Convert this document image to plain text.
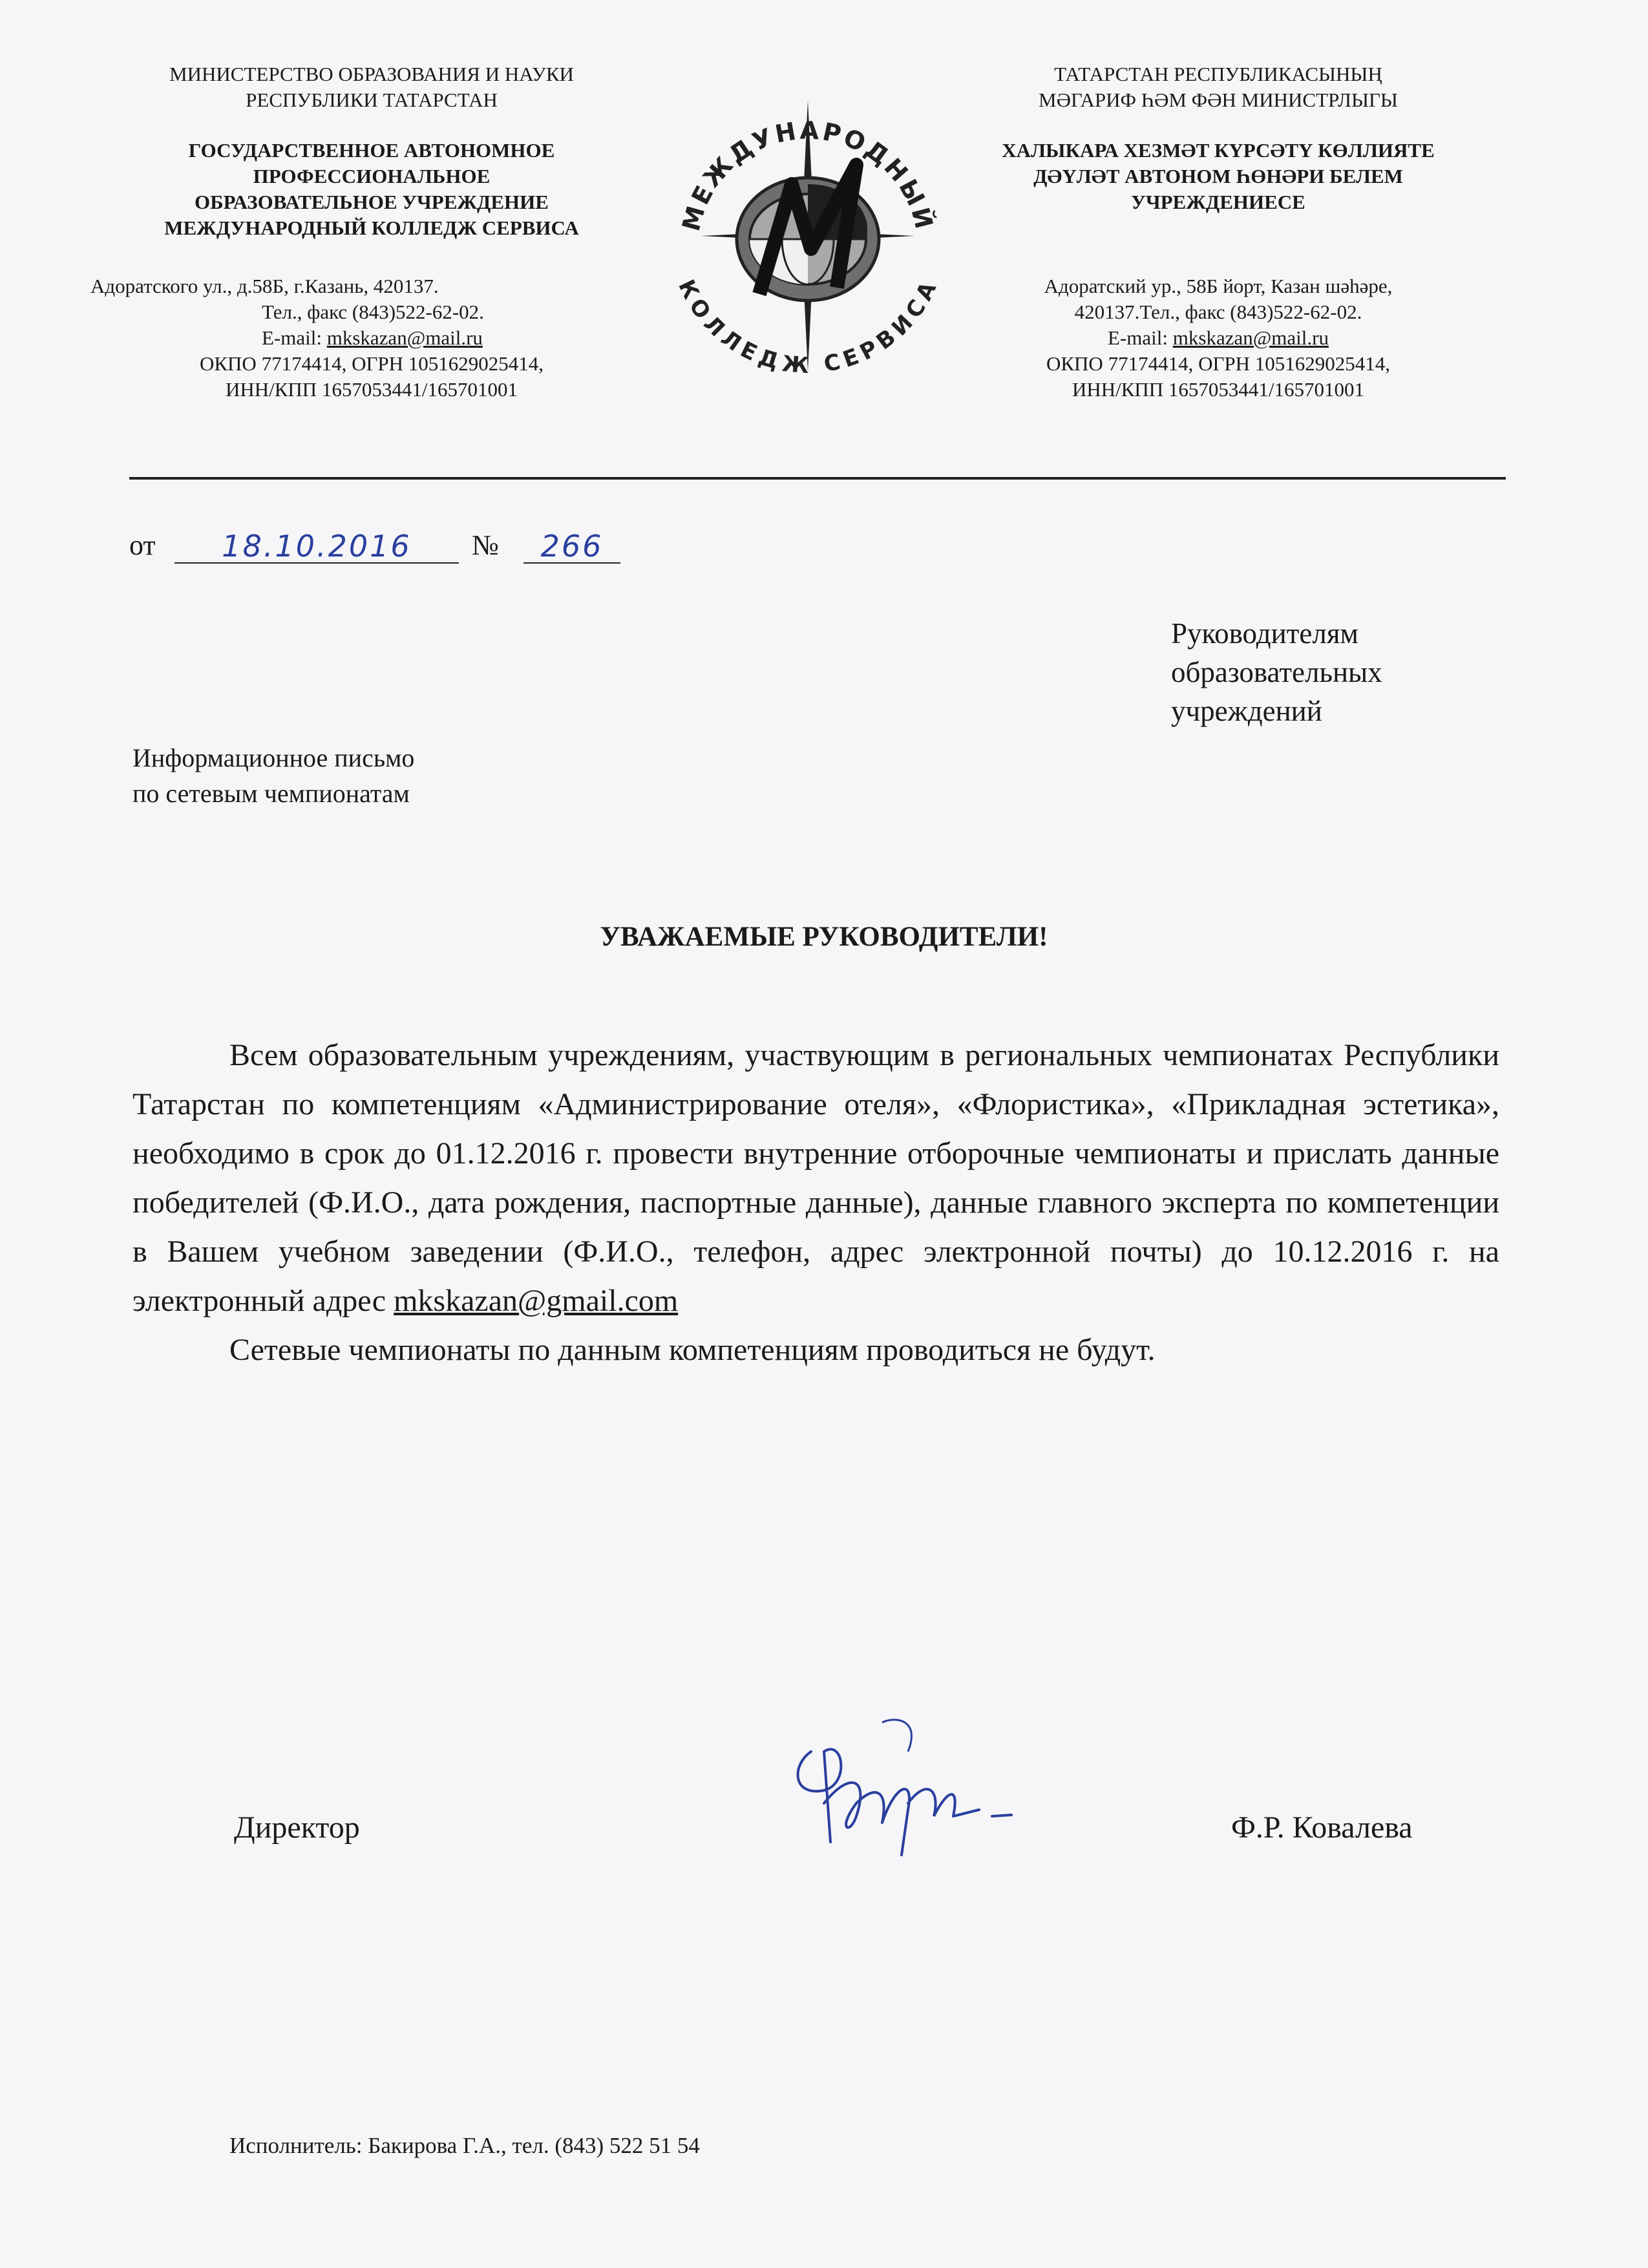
МИНИСТЕРСТВО ОБРАЗОВАНИЯ И НАУКИ
РЕСПУБЛИКИ ТАТАРСТАН
ГОСУДАРСТВЕННОЕ АВТОНОМНОЕ
ПРОФЕССИОНАЛЬНОЕ
ОБРАЗОВАТЕЛЬНОЕ УЧРЕЖДЕНИЕ
МЕЖДУНАРОДНЫЙ КОЛЛЕДЖ СЕРВИСА
Адоратского ул., д.58Б, г.Казань, 420137.
Тел., факс (843)522-62-02.
E-mail: mkskazan@mail.ru
ОКПО 77174414, ОГРН 1051629025414,
ИНН/КПП 1657053441/165701001
ТАТАРСТАН РЕСПУБЛИКАСЫНЫҢ
МӘГАРИФ ҺӘМ ФӘН МИНИСТРЛЫГЫ
ХАЛЫКАРА ХЕЗМӘТ КҮРСӘТҮ КӨЛЛИЯТЕ
ДӘҮЛӘТ АВТОНОМ ҺӨНӘРИ БЕЛЕМ
УЧРЕЖДЕНИЕСЕ
Адоратский ур., 58Б йорт, Казан шәһәре,
420137.Тел., факс (843)522-62-02.
E-mail: mkskazan@mail.ru
ОКПО 77174414, ОГРН 1051629025414,
ИНН/КПП 1657053441/165701001
МЕЖДУНАРОДНЫЙ
КОЛЛЕДЖ СЕРВИСА
от	18.10.2016	№	266
Руководителям
образовательных
учреждений
Информационное письмо
по сетевым чемпионатам
УВАЖАЕМЫЕ РУКОВОДИТЕЛИ!

Всем образовательным учреждениям, участвующим в региональных чемпионатах Республики Татарстан по компетенциям «Администрирование отеля», «Флористика», «Прикладная эстетика», необходимо в срок до 01.12.2016 г. провести внутренние отборочные чемпионаты и прислать данные победителей (Ф.И.О., дата рождения, паспортные данные), данные главного эксперта по компетенции в Вашем учебном заведении (Ф.И.О., телефон, адрес электронной почты) до 10.12.2016 г. на электронный адрес mkskazan@gmail.com

Сетевые чемпионаты по данным компетенциям проводиться не будут.

Директор	Ф.Р. Ковалева
Исполнитель: Бакирова Г.А., тел. (843) 522 51 54
